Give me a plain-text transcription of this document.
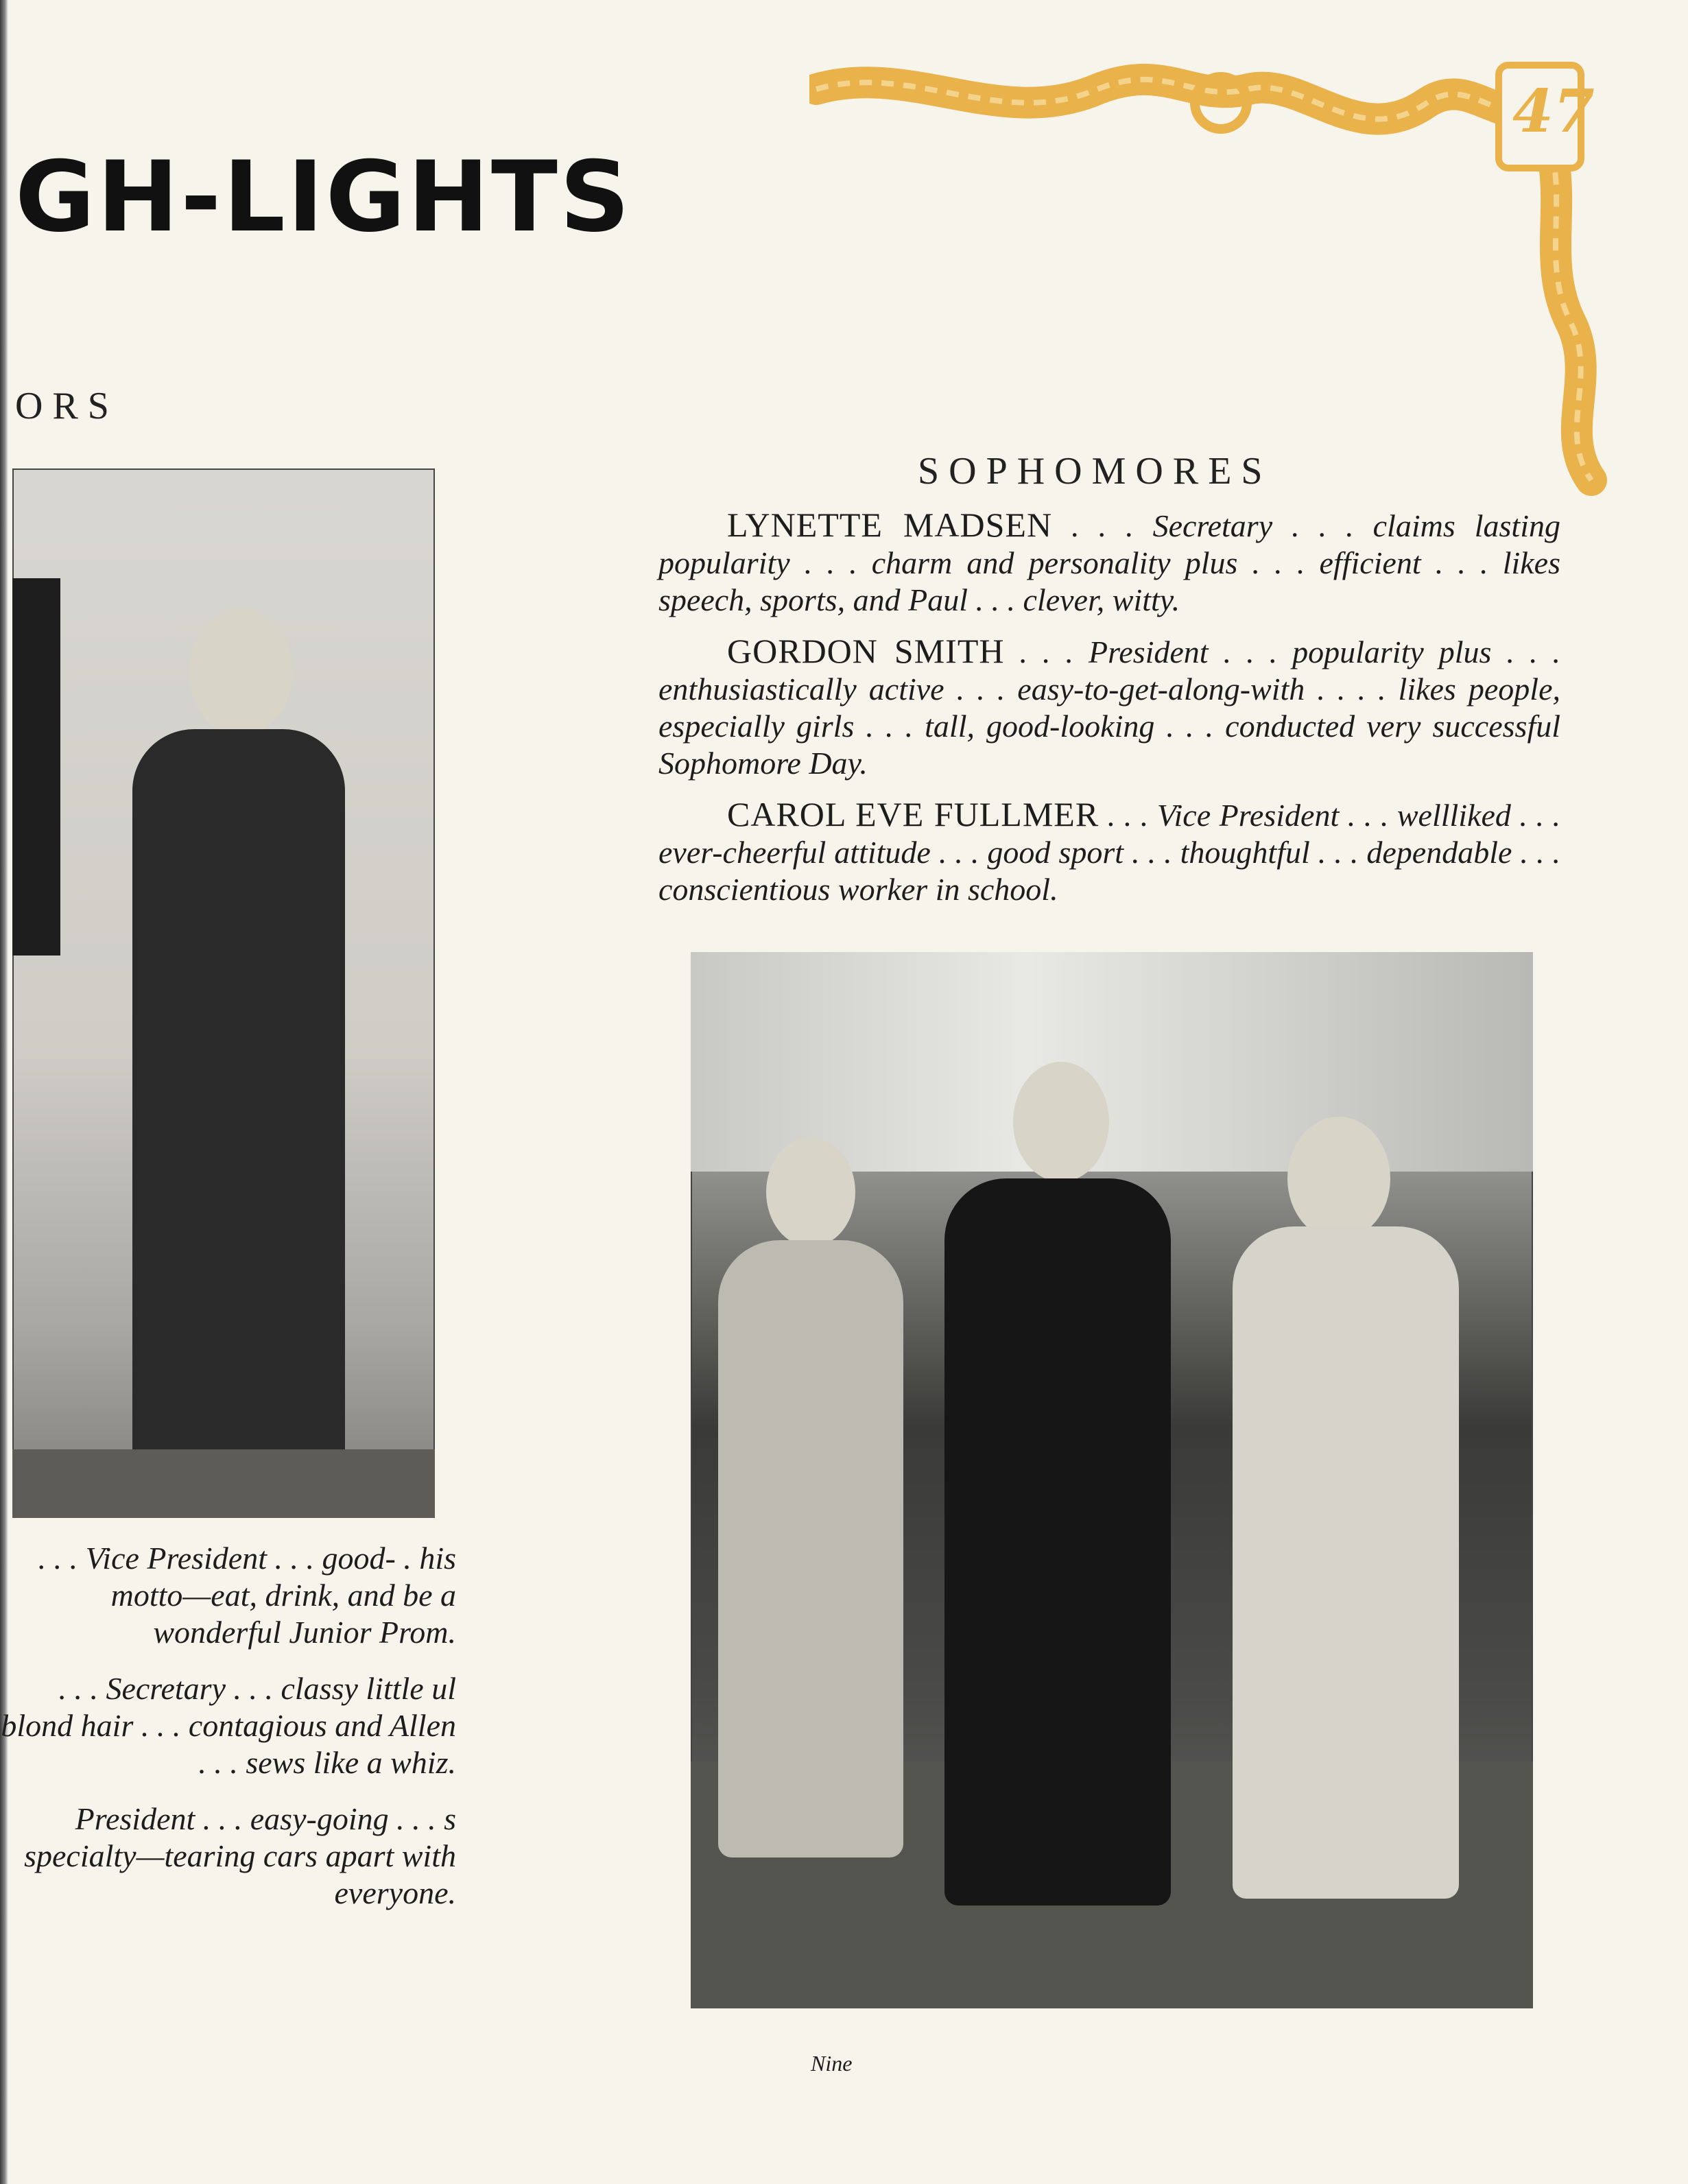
47
GH-LIGHTS
ORS
SOPHOMORES

LYNETTE MADSEN . . . Secretary . . . claims lasting popularity . . . charm and personality plus . . . efficient . . . likes speech, sports, and Paul . . . clever, witty.

GORDON SMITH . . . President . . . popularity plus . . . enthusiastically active . . . easy-to-get-along-with . . . . likes people, especially girls . . . tall, good-looking . . . conducted very successful Sophomore Day.

CAROL EVE FULLMER . . . Vice President . . . wellliked . . . ever-cheerful attitude . . . good sport . . . thoughtful . . . dependable . . . conscientious worker in school.

. . . Vice President . . . good- . his motto—eat, drink, and be a wonderful Junior Prom.

. . . Secretary . . . classy little ul blond hair . . . contagious and Allen . . . sews like a whiz.

President . . . easy-going . . . s specialty—tearing cars apart with everyone.

Nine
